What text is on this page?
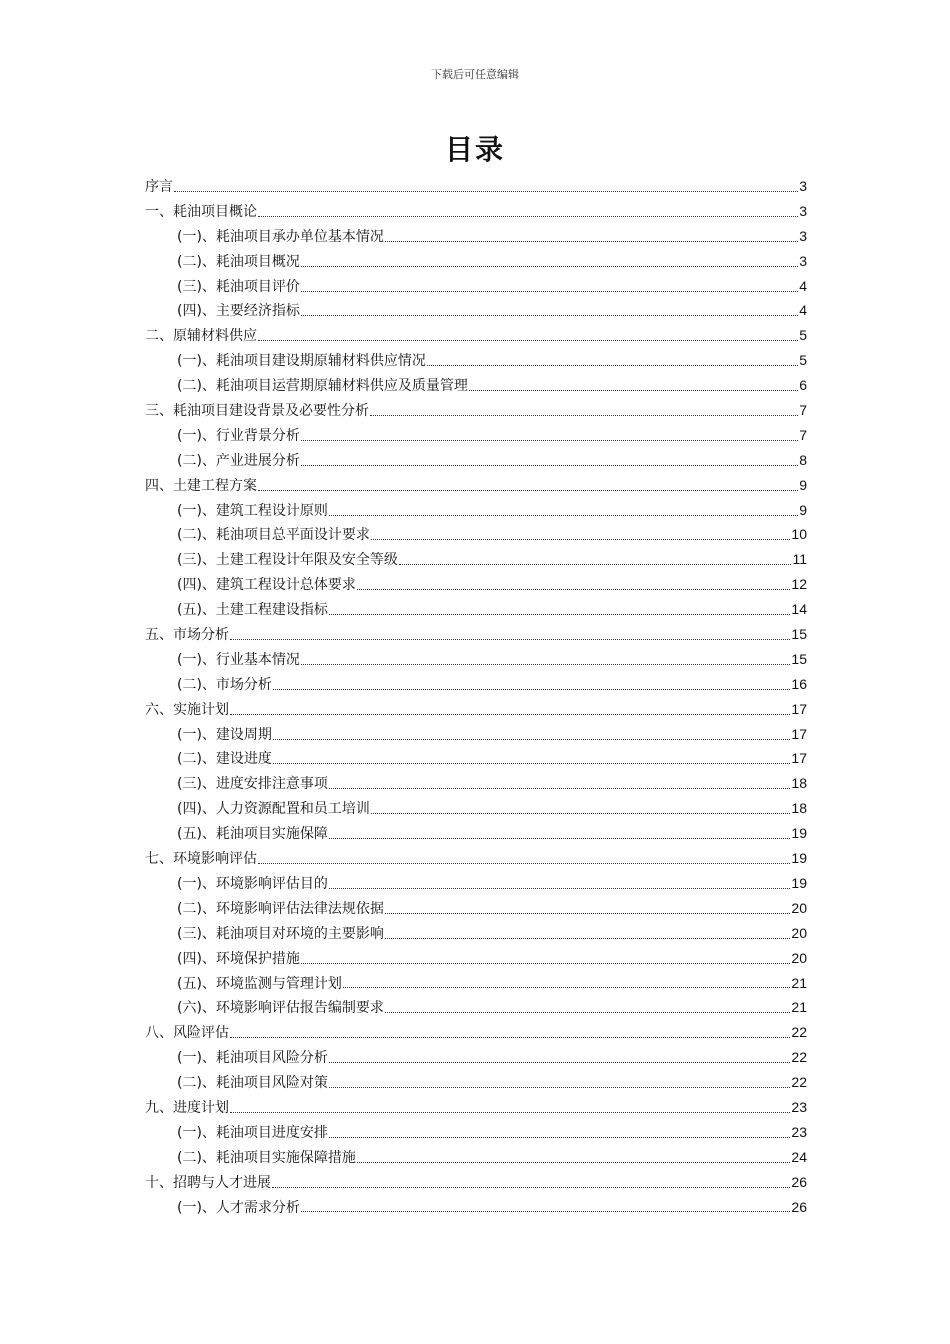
下载后可任意编辑
目录
序言	3
一、耗油项目概论	3
(一)、耗油项目承办单位基本情况	3
(二)、耗油项目概况	3
(三)、耗油项目评价	4
(四)、主要经济指标	4
二、原辅材料供应	5
(一)、耗油项目建设期原辅材料供应情况	5
(二)、耗油项目运营期原辅材料供应及质量管理	6
三、耗油项目建设背景及必要性分析	7
(一)、行业背景分析	7
(二)、产业进展分析	8
四、土建工程方案	9
(一)、建筑工程设计原则	9
(二)、耗油项目总平面设计要求	10
(三)、土建工程设计年限及安全等级	11
(四)、建筑工程设计总体要求	12
(五)、土建工程建设指标	14
五、市场分析	15
(一)、行业基本情况	15
(二)、市场分析	16
六、实施计划	17
(一)、建设周期	17
(二)、建设进度	17
(三)、进度安排注意事项	18
(四)、人力资源配置和员工培训	18
(五)、耗油项目实施保障	19
七、环境影响评估	19
(一)、环境影响评估目的	19
(二)、环境影响评估法律法规依据	20
(三)、耗油项目对环境的主要影响	20
(四)、环境保护措施	20
(五)、环境监测与管理计划	21
(六)、环境影响评估报告编制要求	21
八、风险评估	22
(一)、耗油项目风险分析	22
(二)、耗油项目风险对策	22
九、进度计划	23
(一)、耗油项目进度安排	23
(二)、耗油项目实施保障措施	24
十、招聘与人才进展	26
(一)、人才需求分析	26
